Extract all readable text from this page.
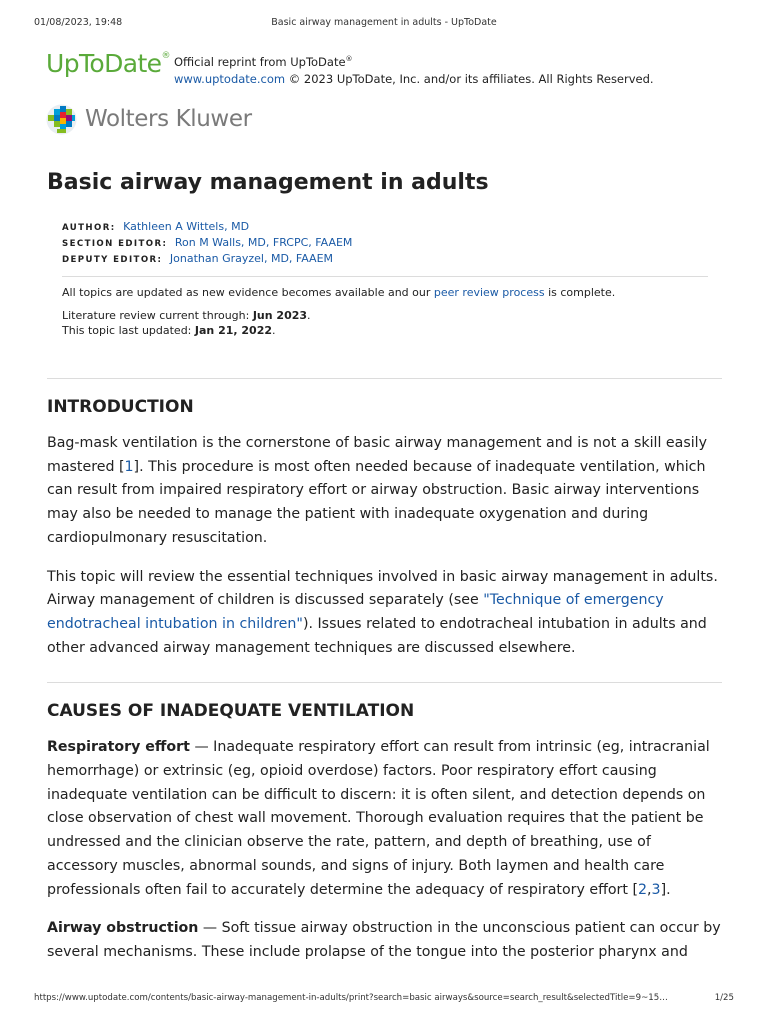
01/08/2023, 19:48	Basic airway management in adults - UpToDate
UpToDate® Official reprint from UpToDate®
www.uptodate.com © 2023 UpToDate, Inc. and/or its affiliates. All Rights Reserved.
Wolters Kluwer
Basic airway management in adults
AUTHOR: Kathleen A Wittels, MD
SECTION EDITOR: Ron M Walls, MD, FRCPC, FAAEM
DEPUTY EDITOR: Jonathan Grayzel, MD, FAAEM
All topics are updated as new evidence becomes available and our peer review process is complete.
Literature review current through: Jun 2023.
This topic last updated: Jan 21, 2022.
INTRODUCTION

Bag-mask ventilation is the cornerstone of basic airway management and is not a skill easily mastered [1]. This procedure is most often needed because of inadequate ventilation, which can result from impaired respiratory effort or airway obstruction. Basic airway interventions may also be needed to manage the patient with inadequate oxygenation and during cardiopulmonary resuscitation.

This topic will review the essential techniques involved in basic airway management in adults. Airway management of children is discussed separately (see "Technique of emergency endotracheal intubation in children"). Issues related to endotracheal intubation in adults and other advanced airway management techniques are discussed elsewhere.

CAUSES OF INADEQUATE VENTILATION

Respiratory effort — Inadequate respiratory effort can result from intrinsic (eg, intracranial hemorrhage) or extrinsic (eg, opioid overdose) factors. Poor respiratory effort causing inadequate ventilation can be difficult to discern: it is often silent, and detection depends on close observation of chest wall movement. Thorough evaluation requires that the patient be undressed and the clinician observe the rate, pattern, and depth of breathing, use of accessory muscles, abnormal sounds, and signs of injury. Both laymen and health care professionals often fail to accurately determine the adequacy of respiratory effort [2,3].

Airway obstruction — Soft tissue airway obstruction in the unconscious patient can occur by several mechanisms. These include prolapse of the tongue into the posterior pharynx and

https://www.uptodate.com/contents/basic-airway-management-in-adults/print?search=basic airways&source=search_result&selectedTitle=9~15…	1/25
